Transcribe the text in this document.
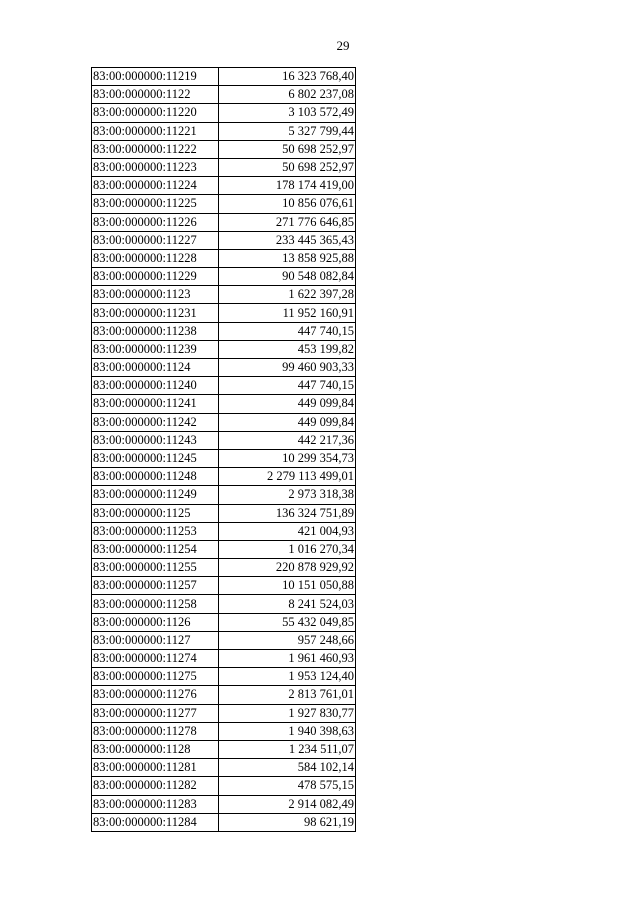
29
83:00:000000:11219	16 323 768,40
83:00:000000:1122	6 802 237,08
83:00:000000:11220	3 103 572,49
83:00:000000:11221	5 327 799,44
83:00:000000:11222	50 698 252,97
83:00:000000:11223	50 698 252,97
83:00:000000:11224	178 174 419,00
83:00:000000:11225	10 856 076,61
83:00:000000:11226	271 776 646,85
83:00:000000:11227	233 445 365,43
83:00:000000:11228	13 858 925,88
83:00:000000:11229	90 548 082,84
83:00:000000:1123	1 622 397,28
83:00:000000:11231	11 952 160,91
83:00:000000:11238	447 740,15
83:00:000000:11239	453 199,82
83:00:000000:1124	99 460 903,33
83:00:000000:11240	447 740,15
83:00:000000:11241	449 099,84
83:00:000000:11242	449 099,84
83:00:000000:11243	442 217,36
83:00:000000:11245	10 299 354,73
83:00:000000:11248	2 279 113 499,01
83:00:000000:11249	2 973 318,38
83:00:000000:1125	136 324 751,89
83:00:000000:11253	421 004,93
83:00:000000:11254	1 016 270,34
83:00:000000:11255	220 878 929,92
83:00:000000:11257	10 151 050,88
83:00:000000:11258	8 241 524,03
83:00:000000:1126	55 432 049,85
83:00:000000:1127	957 248,66
83:00:000000:11274	1 961 460,93
83:00:000000:11275	1 953 124,40
83:00:000000:11276	2 813 761,01
83:00:000000:11277	1 927 830,77
83:00:000000:11278	1 940 398,63
83:00:000000:1128	1 234 511,07
83:00:000000:11281	584 102,14
83:00:000000:11282	478 575,15
83:00:000000:11283	2 914 082,49
83:00:000000:11284	98 621,19
